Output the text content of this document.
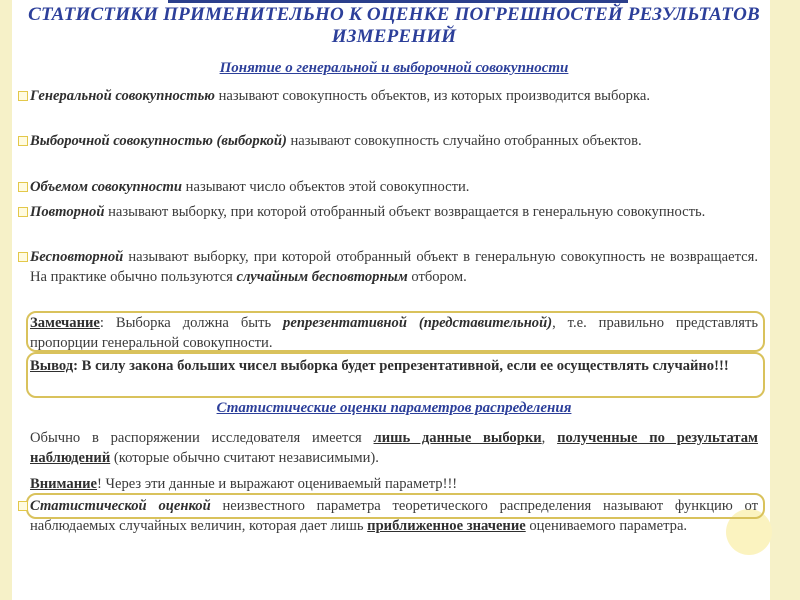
СТАТИСТИКИ ПРИМЕНИТЕЛЬНО К ОЦЕНКЕ ПОГРЕШНОСТЕЙ РЕЗУЛЬТАТОВ
ИЗМЕРЕНИЙ
Понятие о генеральной и выборочной совокупности
Генеральной совокупностью называют совокупность объектов, из которых производится выборка.
Выборочной совокупностью (выборкой) называют совокупность случайно отобранных объектов.
Объемом совокупности называют число объектов этой совокупности.
Повторной называют выборку, при которой отобранный объект возвращается в генеральную совокупность.
Бесповторной называют выборку, при которой отобранный объект в генеральную совокупность не возвращается. На практике обычно пользуются случайным бесповторным отбором.
Замечание: Выборка должна быть репрезентативной (представительной), т.е. правильно представлять пропорции генеральной совокупности.
Вывод: В силу закона больших чисел выборка будет репрезентативной, если ее осуществлять случайно!!!
Статистические оценки параметров распределения
Обычно в распоряжении исследователя имеется лишь данные выборки, полученные по результатам наблюдений (которые обычно считают независимыми).
Внимание! Через эти данные и выражают оцениваемый параметр!!!
Статистической оценкой неизвестного параметра теоретического распределения называют функцию от наблюдаемых случайных величин, которая дает лишь приближенное значение оцениваемого параметра.
